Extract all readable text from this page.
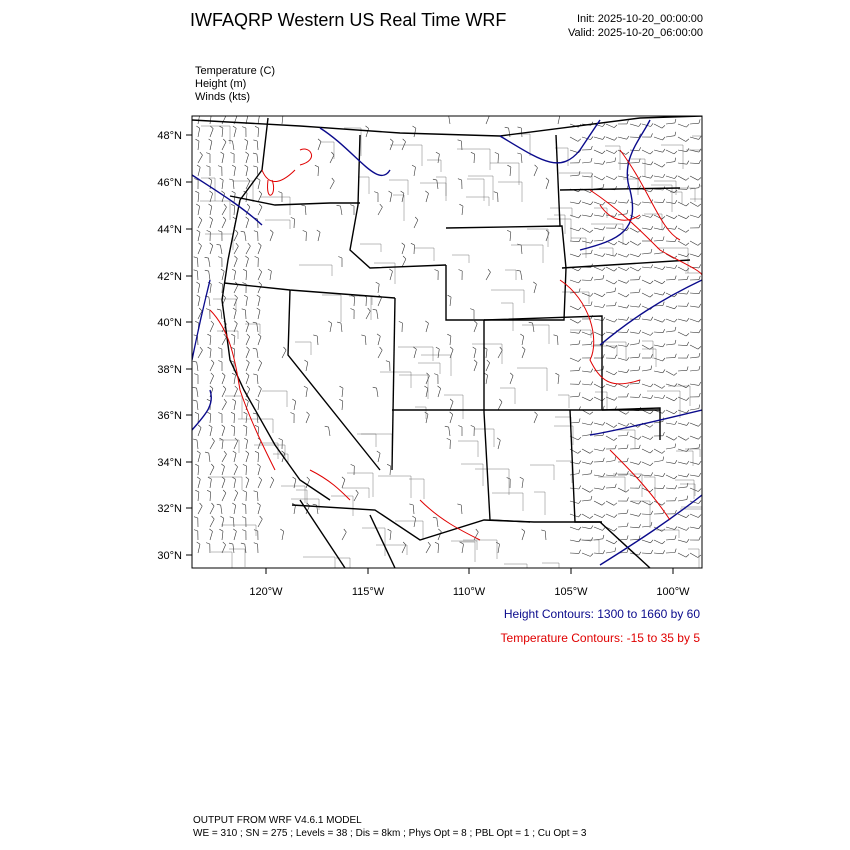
IWFAQRP Western US Real Time WRF	Init: 2025-10-20_00:00:00
Valid: 2025-10-20_06:00:00
Temperature (C)
Height (m)
Winds (kts)
48°N
46°N
44°N
42°N
40°N
38°N
36°N
34°N
32°N
30°N
120°W	115°W	110°W	105°W	100°W
Height Contours: 1300 to 1660 by 60
Temperature Contours: -15 to 35 by 5
OUTPUT FROM WRF V4.6.1 MODEL
WE = 310 ; SN = 275 ; Levels = 38 ; Dis = 8km ; Phys Opt = 8 ; PBL Opt = 1 ; Cu Opt = 3
